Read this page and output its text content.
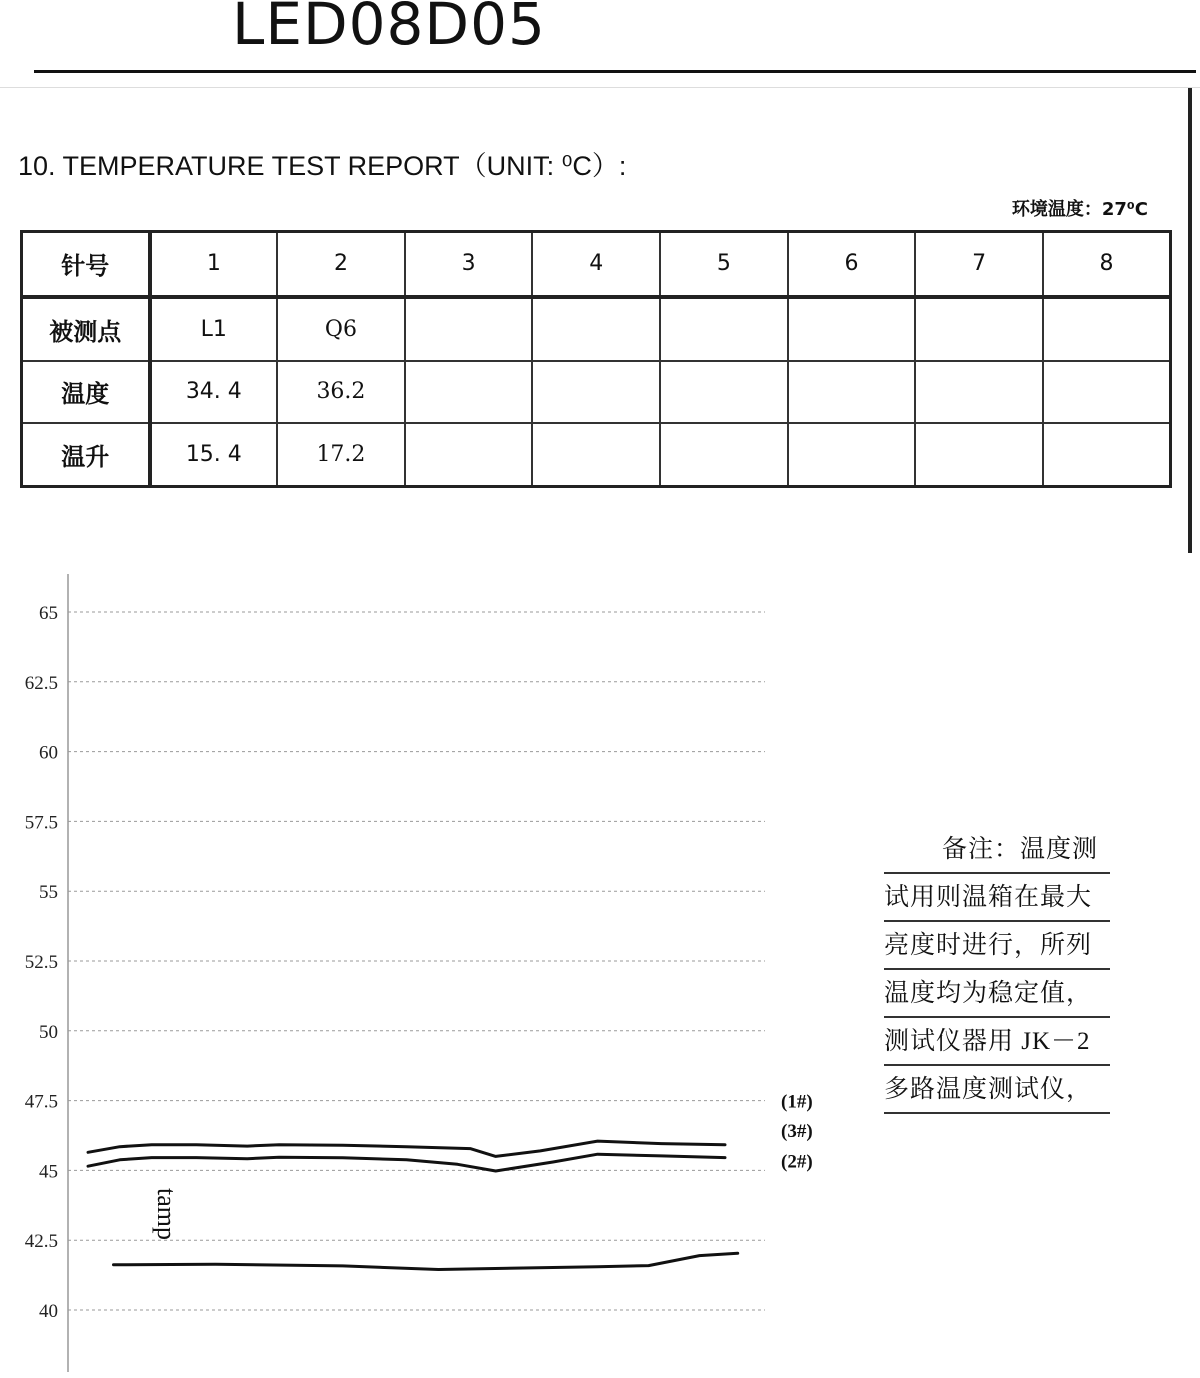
LED08D05
10. TEMPERATURE TEST REPORT（UNIT: ⁰C）:
环境温度：27⁰C
针号	1	2	3	4	5	6	7	8
被测点	L1	Q6						
温度	34. 4	36.2						
温升	15. 4	17.2						
65
62.5
60
57.5
55
52.5
50
47.5
45
42.5
40
(1#)
(3#)
(2#)
tamp
备注：温度测
试用则温箱在最大
亮度时进行，所列
温度均为稳定值，
测试仪器用 JK－2
多路温度测试仪，
